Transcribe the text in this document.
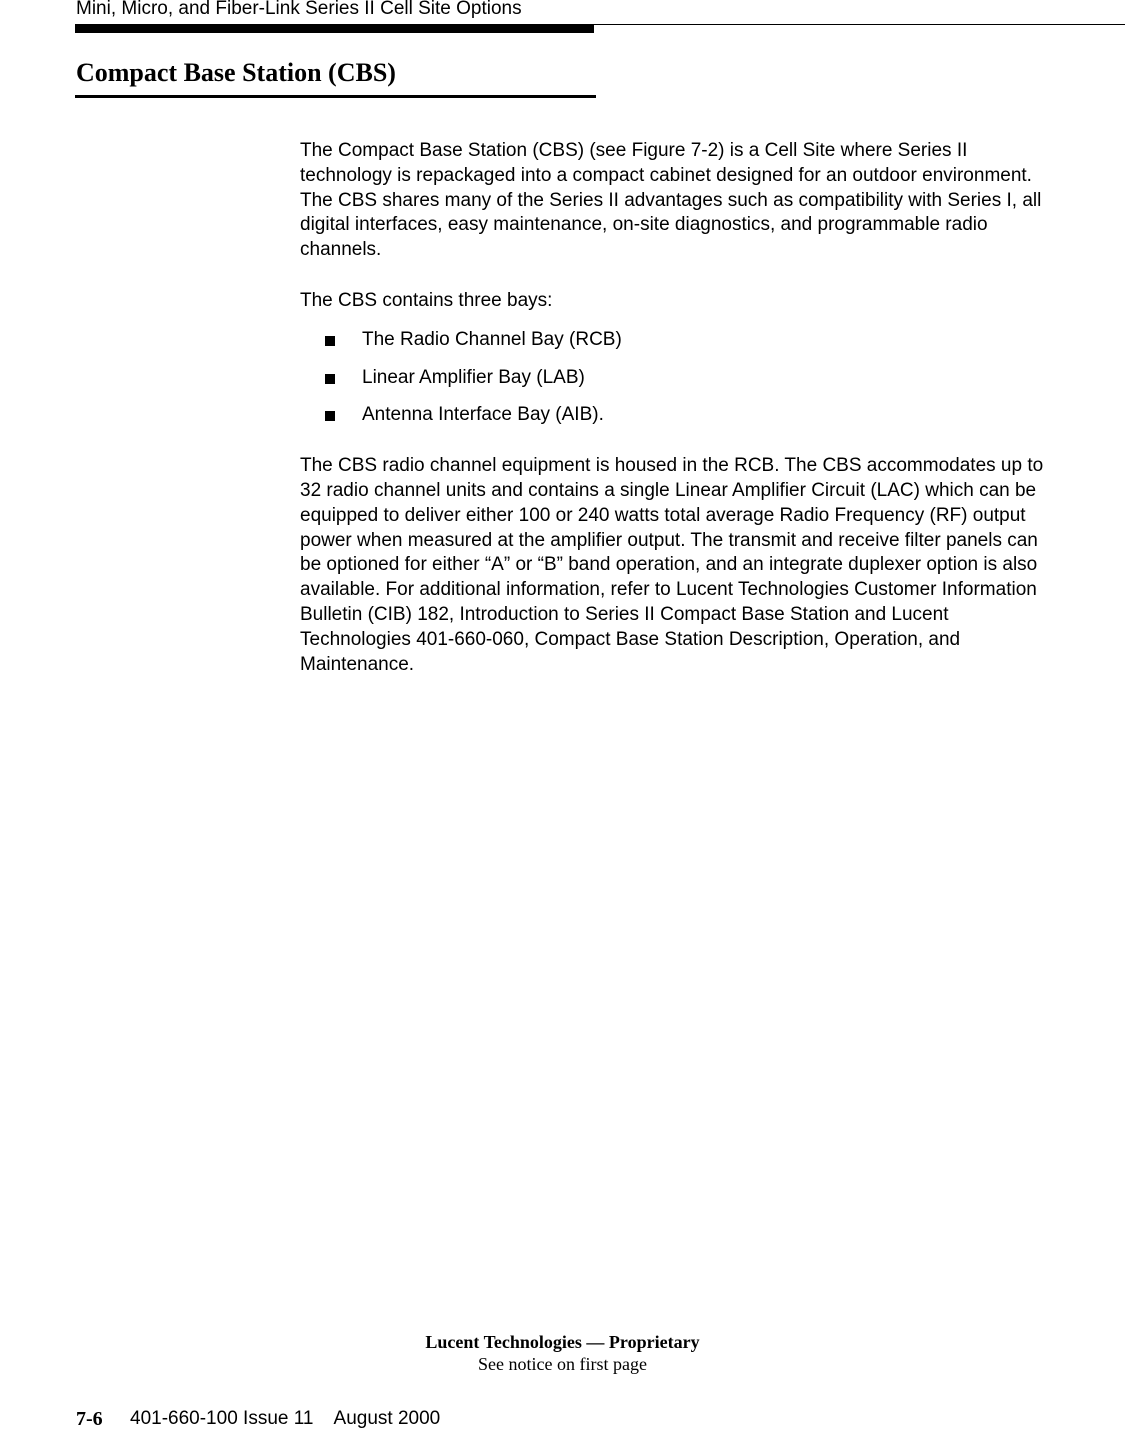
Mini, Micro, and Fiber-Link Series II Cell Site Options
Compact Base Station (CBS)

The Compact Base Station (CBS) (see Figure 7-2) is a Cell Site where Series II technology is repackaged into a compact cabinet designed for an outdoor environment. The CBS shares many of the Series II advantages such as compatibility with Series I, all digital interfaces, easy maintenance, on-site diagnostics, and programmable radio channels.

The CBS contains three bays:

The Radio Channel Bay (RCB)
Linear Amplifier Bay (LAB)
Antenna Interface Bay (AIB).

The CBS radio channel equipment is housed in the RCB. The CBS accommodates up to 32 radio channel units and contains a single Linear Amplifier Circuit (LAC) which can be equipped to deliver either 100 or 240 watts total average Radio Frequency (RF) output power when measured at the amplifier output. The transmit and receive filter panels can be optioned for either “A” or “B” band operation, and an integrate duplexer option is also available. For additional information, refer to Lucent Technologies Customer Information Bulletin (CIB) 182, Introduction to Series II Compact Base Station and Lucent Technologies 401-660-060, Compact Base Station Description, Operation, and Maintenance.

Lucent Technologies — Proprietary
See notice on first page
7-6 401-660-100 Issue 11    August 2000
